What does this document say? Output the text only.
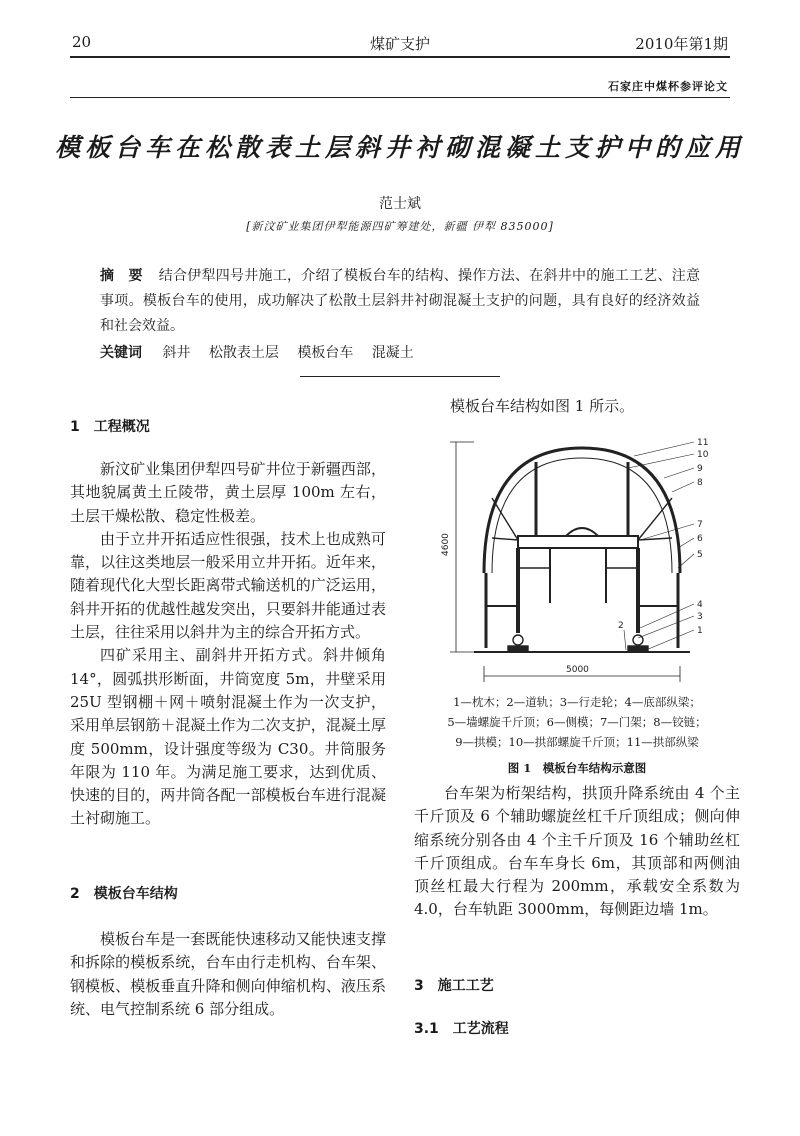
20	煤矿支护	2010年第1期
石家庄中煤杯参评论文
模板台车在松散表土层斜井衬砌混凝土支护中的应用
范士斌
[新汶矿业集团伊犁能源四矿筹建处，新疆 伊犁 835000]
摘　要 结合伊犁四号井施工，介绍了模板台车的结构、操作方法、在斜井中的施工工艺、注意事项。模板台车的使用，成功解决了松散土层斜井衬砌混凝土支护的问题，具有良好的经济效益和社会效益。
关键词 斜井 松散表土层 模板台车 混凝土
1　工程概况

新汶矿业集团伊犁四号矿井位于新疆西部，其地貌属黄土丘陵带，黄土层厚 100m 左右，土层干燥松散、稳定性极差。

由于立井开拓适应性很强，技术上也成熟可靠，以往这类地层一般采用立井开拓。近年来，随着现代化大型长距离带式输送机的广泛运用，斜井开拓的优越性越发突出，只要斜井能通过表土层，往往采用以斜井为主的综合开拓方式。

四矿采用主、副斜井开拓方式。斜井倾角 14°，圆弧拱形断面，井筒宽度 5m，井壁采用 25U 型钢棚＋网＋喷射混凝土作为一次支护，采用单层钢筋＋混凝土作为二次支护，混凝土厚度 500mm，设计强度等级为 C30。井筒服务年限为 110 年。为满足施工要求，达到优质、快速的目的，两井筒各配一部模板台车进行混凝土衬砌施工。

2　模板台车结构

模板台车是一套既能快速移动又能快速支撑和拆除的模板系统，台车由行走机构、台车架、钢模板、模板垂直升降和侧向伸缩机构、液压系统、电气控制系统 6 部分组成。

模板台车结构如图 1 所示。
4600
5000
2	1
3
4
5
6
7
8
9
10
11
1—枕木；2—道轨；3—行走轮；4—底部纵梁；
5—墙螺旋千斤顶；6—侧模；7—门架；8—铰链；
9—拱模；10—拱部螺旋千斤顶；11—拱部纵梁
图 1　模板台车结构示意图

台车架为桁架结构，拱顶升降系统由 4 个主千斤顶及 6 个辅助螺旋丝杠千斤顶组成；侧向伸缩系统分别各由 4 个主千斤顶及 16 个辅助丝杠千斤顶组成。台车车身长 6m，其顶部和两侧油顶丝杠最大行程为 200mm，承载安全系数为 4.0，台车轨距 3000mm，每侧距边墙 1m。

3　施工工艺
3.1　工艺流程
